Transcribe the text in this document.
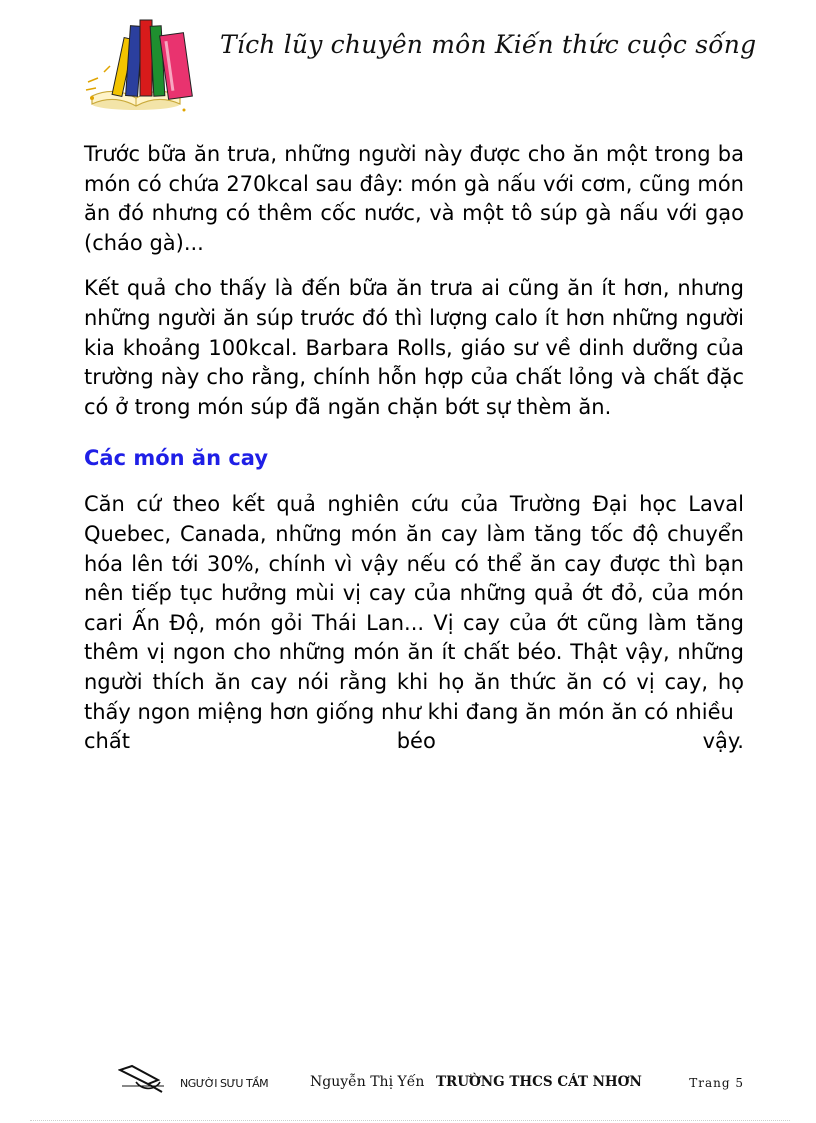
Tích lũy chuyên môn Kiến thức cuộc sống

Trước bữa ăn trưa, những người này được cho ăn một trong ba món có chứa 270kcal sau đây: món gà nấu với cơm, cũng món ăn đó nhưng có thêm cốc nước, và một tô súp gà nấu với gạo (cháo gà)...

Kết quả cho thấy là đến bữa ăn trưa ai cũng ăn ít hơn, nhưng những người ăn súp trước đó thì lượng calo ít hơn những người kia khoảng 100kcal. Barbara Rolls, giáo sư về dinh dưỡng của trường này cho rằng, chính hỗn hợp của chất lỏng và chất đặc có ở trong món súp đã ngăn chặn bớt sự thèm ăn.

Các món ăn cay

Căn cứ theo kết quả nghiên cứu của Trường Đại học Laval Quebec, Canada, những món ăn cay làm tăng tốc độ chuyển hóa lên tới 30%, chính vì vậy nếu có thể ăn cay được thì bạn nên tiếp tục hưởng mùi vị cay của những quả ớt đỏ, của món cari Ấn Độ, món gỏi Thái Lan... Vị cay của ớt cũng làm tăng thêm vị ngon cho những món ăn ít chất béo. Thật vậy, những người thích ăn cay nói rằng khi họ ăn thức ăn có vị cay, họ thấy ngon miệng hơn giống như khi đang ăn món ăn có nhiều

chất	béo	vậy.
NGƯỜI SƯU TẦM	Nguyễn Thị Yến TRƯỜNG THCS CÁT NHƠN	Trang 5
